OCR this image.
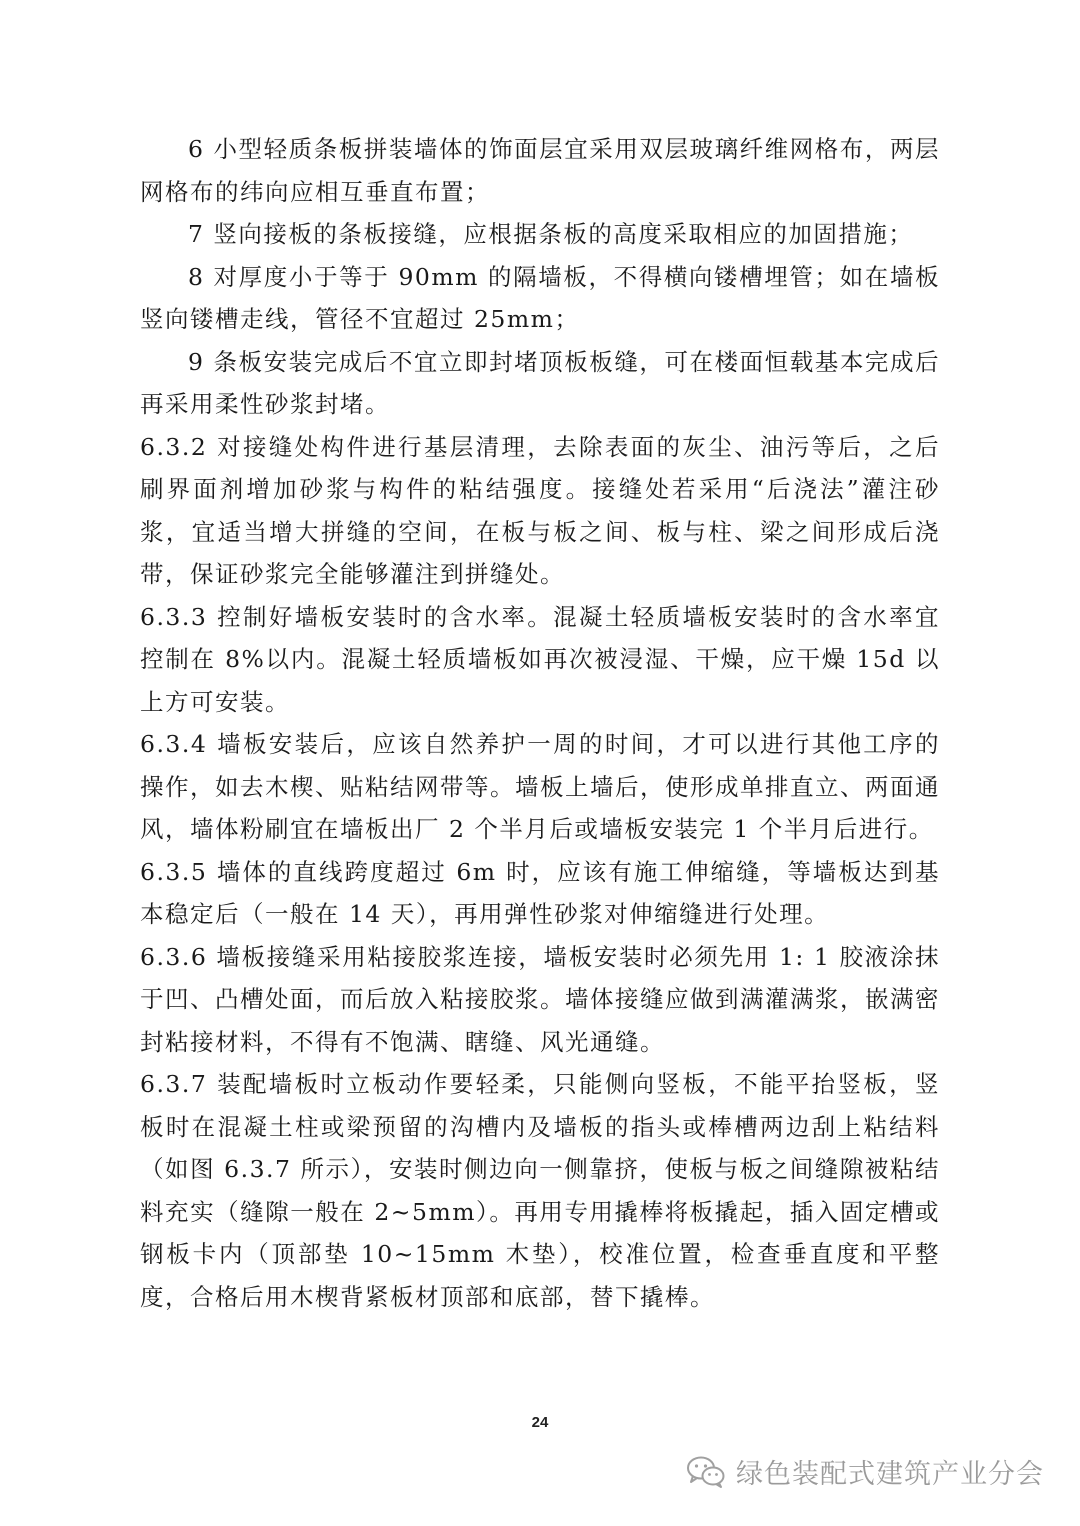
6 小型轻质条板拼装墙体的饰面层宜采用双层玻璃纤维网格布，两层网格布的纬向应相互垂直布置；

7 竖向接板的条板接缝，应根据条板的高度采取相应的加固措施；

8 对厚度小于等于 90mm 的隔墙板，不得横向镂槽埋管；如在墙板竖向镂槽走线，管径不宜超过 25mm；

9 条板安装完成后不宜立即封堵顶板板缝，可在楼面恒载基本完成后再采用柔性砂浆封堵。

6.3.2 对接缝处构件进行基层清理，去除表面的灰尘、油污等后，之后刷界面剂增加砂浆与构件的粘结强度。接缝处若采用“后浇法”灌注砂浆，宜适当增大拼缝的空间，在板与板之间、板与柱、梁之间形成后浇带，保证砂浆完全能够灌注到拼缝处。

6.3.3 控制好墙板安装时的含水率。混凝土轻质墙板安装时的含水率宜控制在 8%以内。混凝土轻质墙板如再次被浸湿、干燥，应干燥 15d 以上方可安装。

6.3.4 墙板安装后，应该自然养护一周的时间，才可以进行其他工序的操作，如去木楔、贴粘结网带等。墙板上墙后，使形成单排直立、两面通风，墙体粉刷宜在墙板出厂 2 个半月后或墙板安装完 1 个半月后进行。

6.3.5 墙体的直线跨度超过 6m 时，应该有施工伸缩缝，等墙板达到基本稳定后（一般在 14 天），再用弹性砂浆对伸缩缝进行处理。

6.3.6 墙板接缝采用粘接胶浆连接，墙板安装时必须先用 1: 1 胶液涂抹于凹、凸槽处面，而后放入粘接胶浆。墙体接缝应做到满灌满浆，嵌满密封粘接材料，不得有不饱满、瞎缝、风光通缝。

6.3.7 装配墙板时立板动作要轻柔，只能侧向竖板，不能平抬竖板，竖板时在混凝土柱或梁预留的沟槽内及墙板的指头或棒槽两边刮上粘结料（如图 6.3.7 所示），安装时侧边向一侧靠挤，使板与板之间缝隙被粘结料充实（缝隙一般在 2~5mm）。再用专用撬棒将板撬起，插入固定槽或钢板卡内（顶部垫 10~15mm 木垫），校准位置，检查垂直度和平整度，合格后用木楔背紧板材顶部和底部，替下撬棒。

24
绿色装配式建筑产业分会
